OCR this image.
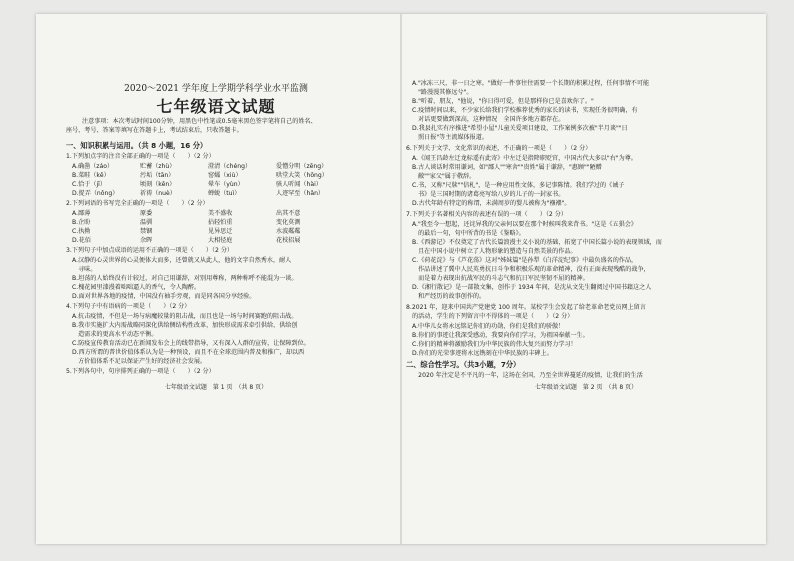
2020～2021 学年度上学期学科学业水平监测
七年级语文试题
注意事项：本次考试时间100分钟，用黑色中性笔或0.5毫米黑色签字笔将自己的姓名、
座号、考号、答案等填写在答题卡上，考试结束后，只收答题卡。
一、知识积累与运用。（共 8 小题，16 分）
1.下列加点字的注音全部正确的一项是（　　）（2 分）
A.确凿（záo）	贮蓄（zhù）	澄清（chéng）	爱憎分明（zēng）
B.菜畦（kē）	污垢（tān）	窑孀（xiù）	哄堂大笑（hōng）
C.恰于（jī）	顷刻（kěn）	晕车（yùn）	骇人听闻（hài）
D.捉弄（nǒng）	祈祷（nuè）	蝉蜕（tuì）	人迹罕至（hǎn）
2.下列词语的书写完全正确的一项是（　　）（2 分）
A.鄙薄	原委	美不盛收	出其不意
B.企盼	温驯	拈轻怕重	变化莫测
C.执拗	禁锢	见异思迁	水波粼粼
D.花佰	余晖	大相径庭	花枝招展
3.下列句子中加点成语的运用不正确的一项是（　　）（2 分）
A.汉静的心灵世界的心灵便体大而多，还曾就又从此人，他的文字自然秀水，耐人
　寻味。
B.坦荡的人始终没有计较过，对自己用谦辞，对别用尊称，两种称呼不能混为一谈。
C.槐花园里漆漫着咄咄逼人的香气，令人陶醉。
D.面对世界各地的疫情，中国没有袖手旁观，而是同各国分享经验。
4.下列句子中有语病的一项是（　　）（2 分）
A.抗击疫情，不但是一场与病魔较量的阻击战，而且也是一场与时间赛跑的阻击战。
B.我市实施扩大内需战略同深化供给侧结构性改革，加快形成需求牵引供给、供给创
　造需求的更高水平动态平衡。
C.防疫宣传教育活动已在新闻发布会上的线带指导，又有深入人群的宣传，让保障到位。
D.西方所谓的普世价值体系认为是一种预设，而且不在全球范围内普及和推广，却以西
　方价值体系不足以保证产生好的经济社会发展。
5.下列各句中，句序排列正确的一项是（　　）（2 分）
七年级语文试题　第 1 页　（共 8 页）
A."冰冻三尺，非一日之寒。"做好一件事往往需要一个长期的积累过程，任何事情不可能
　"路漫漫其修远兮"。
B."听着，朋友，"他说，"你日得可爱，但是那样你已是喜欢你了。"
C.疫情时间以来，不少家长给我们学校推荐优秀的家长的读书，实现任务很明确，有
　对话更要做到深高，这种情况　全国许多地方都存在。
D.我县扎实有序推进"希望小屋"儿童关爱项目建设，工作案例多次被"半月谈""日
　照日报"等主流媒体报道。
6.下列关于文学、文化常识的表述，不正确的一项是（　　）（2 分）
A.《闻王昌龄左迁龙标遥有此寄》中左迁是指降职贬官，中国古代大多以"右"为尊。
B.古人谈话时常用谦词，如"鄙人""寒舍""贵姓"属于谦辞，"惠顾""陋赠
　敝""家父"属于敬辞。
C.书，又称"尺牍""信札"，是一种应用性文体，多记事陈情。我们学过的《诫子
　书》是三国时期的诸葛亮写给八岁的儿子的一封家书。
D.古代年龄有特定的称谓，未满周岁的婴儿被称为"襁褓"。
7.下列关于名著相关内容的表述有误的一项（　　）（2 分）
A."我至今一想起，还诧异我的父亲何以要在那个时候叫我来背书。"这是《五猖会》
　的最后一句，句中所背的书是《鉴略》。
B.《西游记》不仅奠定了古代长篇浪漫主义小说的基础，拓宽了中国长篇小说的表现领域，而
　且在中国小说中树立了人物形象的塑造与自然美景的作品。
C.《荷花淀》与《芦花荡》这对"姊妹篇"是孙犁《白洋淀纪事》中最负盛名的作品，
　作品讲述了冀中人民英勇抗日斗争和积极乐观的革命精神，没有正面表现残酷的战争，
　而是着力表现出抗战军民的斗志气和抗日军民坚韧不屈的精神。
D.《湘行散记》是一部散文集，创作于 1934 年间，是沈从文先生翻阅过中国书籍这之人
　和严经历的故事创作的。
8.2021 年，迎来中国共产党建党 100 周年。某校学生会发起了给老革命老党员网上留言
　的活动，学生的下列留言中不得体的一项是（　　）（2 分）
A.中华儿女将永远铭记你们的功勋，你们是我们的骄傲！
B.你们的事迹让我深受感动，我要向你们学习，为祖国奉献一生。
C.你们的精神将激励我们为中华民族的伟大复兴而努力学习！
D.你们的光荣事迹将永远镌刻在中华民族的丰碑上。
二、综合性学习。（共3小题，7分）
　　2020 年注定是不平凡的一年，这场在全国，乃至全世界蔓延的疫情，让我们的生活
七年级语文试题　第 2 页　（共 8 页）
